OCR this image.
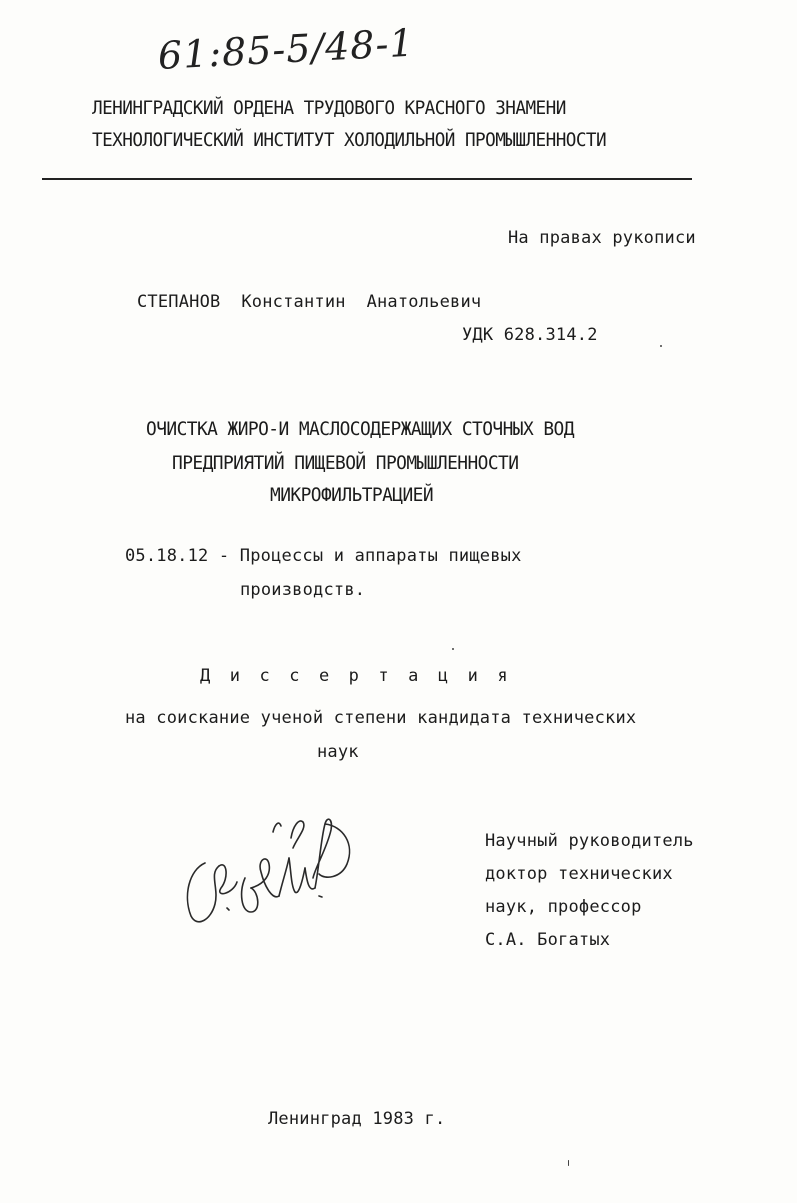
61:85-5/48-1
ЛЕНИНГРАДСКИЙ ОРДЕНА ТРУДОВОГО КРАСНОГО ЗНАМЕНИ
ТЕХНОЛОГИЧЕСКИЙ ИНСТИТУТ ХОЛОДИЛЬНОЙ ПРОМЫШЛЕННОСТИ
На правах рукописи
СТЕПАНОВ  Константин  Анатольевич
УДК 628.314.2
ОЧИСТКА ЖИРО-И МАСЛОСОДЕРЖАЩИХ СТОЧНЫХ ВОД
ПРЕДПРИЯТИЙ ПИЩЕВОЙ ПРОМЫШЛЕННОСТИ
МИКРОФИЛЬТРАЦИЕЙ
05.18.12 - Процессы и аппараты пищевых
производств.
Диссертация
на соискание ученой степени кандидата технических
наук
Научный руководитель
доктор технических
наук, профессор
С.А. Богатых
Ленинград 1983 г.
